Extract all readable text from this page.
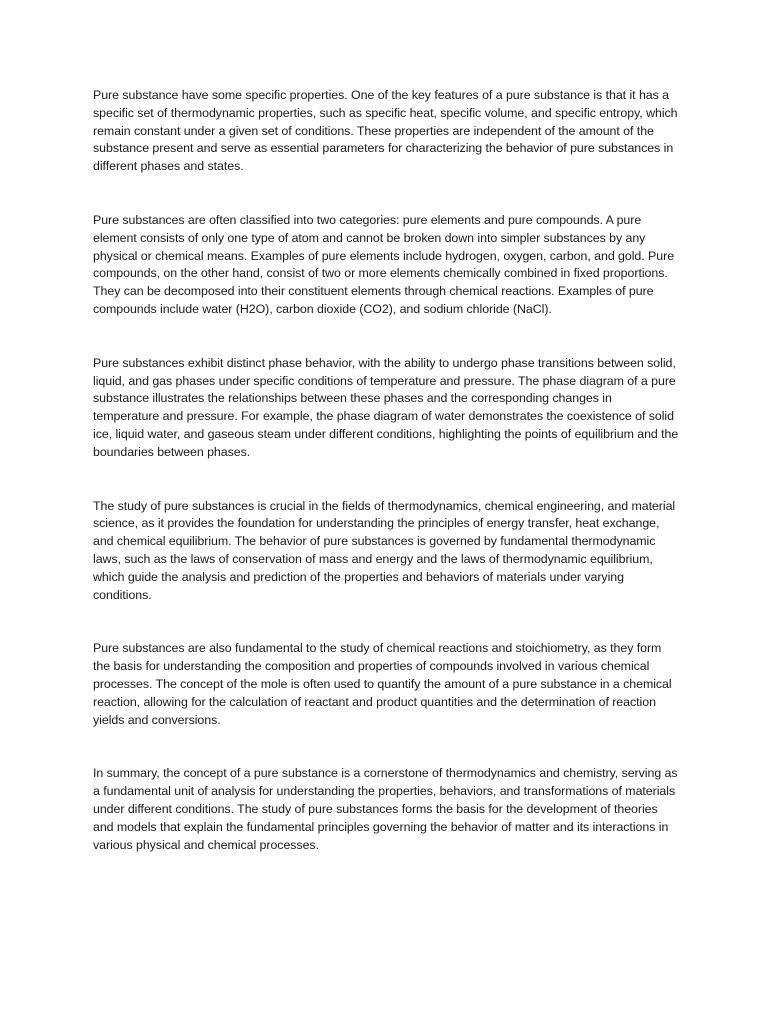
Pure substance have some specific properties. One of the key features of a pure substance is that it has a specific set of thermodynamic properties, such as specific heat, specific volume, and specific entropy, which remain constant under a given set of conditions. These properties are independent of the amount of the substance present and serve as essential parameters for characterizing the behavior of pure substances in different phases and states.

Pure substances are often classified into two categories: pure elements and pure compounds. A pure element consists of only one type of atom and cannot be broken down into simpler substances by any physical or chemical means. Examples of pure elements include hydrogen, oxygen, carbon, and gold. Pure compounds, on the other hand, consist of two or more elements chemically combined in fixed proportions. They can be decomposed into their constituent elements through chemical reactions. Examples of pure compounds include water (H2O), carbon dioxide (CO2), and sodium chloride (NaCl).

Pure substances exhibit distinct phase behavior, with the ability to undergo phase transitions between solid, liquid, and gas phases under specific conditions of temperature and pressure. The phase diagram of a pure substance illustrates the relationships between these phases and the corresponding changes in temperature and pressure. For example, the phase diagram of water demonstrates the coexistence of solid ice, liquid water, and gaseous steam under different conditions, highlighting the points of equilibrium and the boundaries between phases.

The study of pure substances is crucial in the fields of thermodynamics, chemical engineering, and material science, as it provides the foundation for understanding the principles of energy transfer, heat exchange, and chemical equilibrium. The behavior of pure substances is governed by fundamental thermodynamic laws, such as the laws of conservation of mass and energy and the laws of thermodynamic equilibrium, which guide the analysis and prediction of the properties and behaviors of materials under varying conditions.

Pure substances are also fundamental to the study of chemical reactions and stoichiometry, as they form the basis for understanding the composition and properties of compounds involved in various chemical processes. The concept of the mole is often used to quantify the amount of a pure substance in a chemical reaction, allowing for the calculation of reactant and product quantities and the determination of reaction yields and conversions.

In summary, the concept of a pure substance is a cornerstone of thermodynamics and chemistry, serving as a fundamental unit of analysis for understanding the properties, behaviors, and transformations of materials under different conditions. The study of pure substances forms the basis for the development of theories and models that explain the fundamental principles governing the behavior of matter and its interactions in various physical and chemical processes.
